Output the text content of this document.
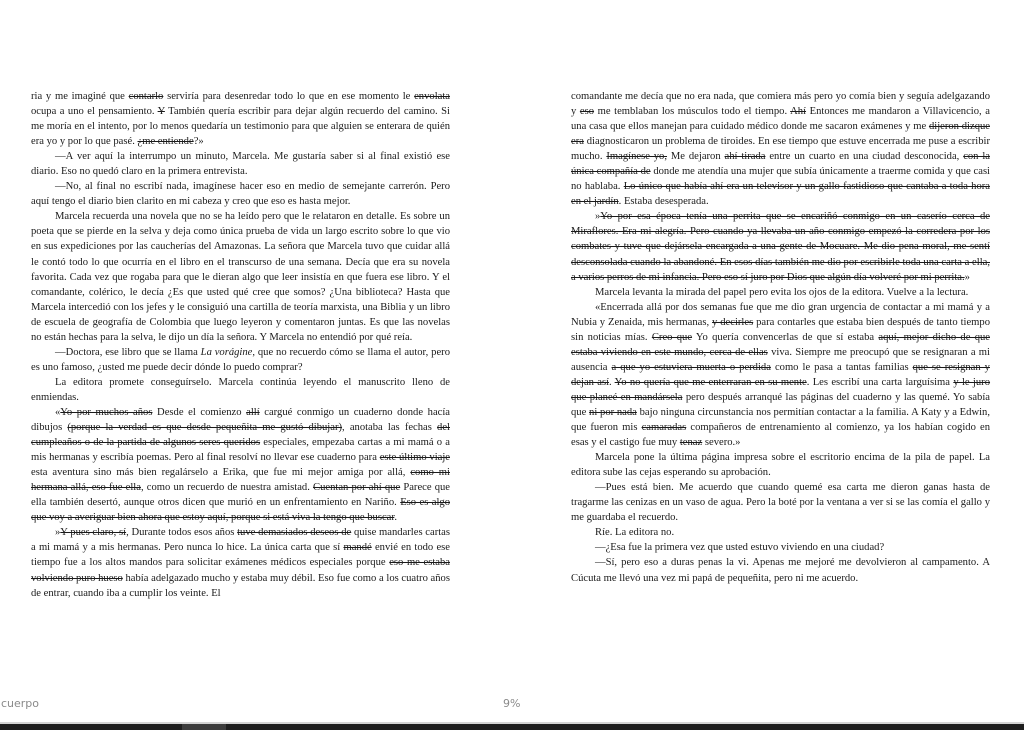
ria y me imaginé que contarlo serviría para desenredar todo lo que en ese momento le envolata ocupa a uno el pensamiento. Y También quería escribir para dejar algún recuerdo del camino. Si me moría en el intento, por lo menos quedaría un testimonio para que alguien se enterara de quién era yo y por lo que pasé. ¿me entiende?»

—A ver aquí la interrumpo un minuto, Marcela. Me gustaría saber si al final existió ese diario. Eso no quedó claro en la primera entrevista.

—No, al final no escribí nada, imagínese hacer eso en medio de semejante carrerón. Pero aquí tengo el diario bien clarito en mi cabeza y creo que eso es hasta mejor.

Marcela recuerda una novela que no se ha leído pero que le relataron en detalle. Es sobre un poeta que se pierde en la selva y deja como única prueba de vida un largo escrito sobre lo que vio en sus expediciones por las caucherías del Amazonas. La señora que Marcela tuvo que cuidar allá le contó todo lo que ocurría en el libro en el transcurso de una semana. Decía que era su novela favorita. Cada vez que rogaba para que le dieran algo que leer insistía en que fuera ese libro. Y el comandante, colérico, le decía ¿Es que usted qué cree que somos? ¿Una biblioteca? Hasta que Marcela intercedió con los jefes y le consiguió una cartilla de teoría marxista, una Biblia y un libro de escuela de geografía de Colombia que luego leyeron y comentaron juntas. Es que las novelas no están hechas para la selva, le dijo un día la señora. Y Marcela no entendió por qué reía.

—Doctora, ese libro que se llama La vorágine, que no recuerdo cómo se llama el autor, pero es uno famoso, ¿usted me puede decir dónde lo puedo comprar?

La editora promete conseguírselo. Marcela continúa leyendo el manuscrito lleno de enmiendas.

«Yo por muchos años Desde el comienzo allí cargué conmigo un cuaderno donde hacía dibujos (porque la verdad es que desde pequeñita me gustó dibujar), anotaba las fechas del cumpleaños o de la partida de algunos seres queridos especiales, empezaba cartas a mi mamá o a mis hermanas y escribía poemas. Pero al final resolví no llevar ese cuaderno para este último viaje esta aventura sino más bien regalárselo a Erika, que fue mi mejor amiga por allá, como mi hermana allá, eso fue ella, como un recuerdo de nuestra amistad. Cuentan por ahí que Parece que ella también desertó, aunque otros dicen que murió en un enfrentamiento en Nariño. Eso es algo que voy a averiguar bien ahora que estoy aquí, porque si está viva la tengo que buscar.

»Y pues claro, sí, Durante todos esos años tuve demasiados deseos de quise mandarles cartas a mi mamá y a mis hermanas. Pero nunca lo hice. La única carta que sí mandé envié en todo ese tiempo fue a los altos mandos para solicitar exámenes médicos especiales porque eso me estaba volviendo puro hueso había adelgazado mucho y estaba muy débil. Eso fue como a los cuatro años de entrar, cuando iba a cumplir los veinte. El

comandante me decía que no era nada, que comiera más pero yo comía bien y seguía adelgazando y eso me temblaban los músculos todo el tiempo. Ahí Entonces me mandaron a Villavicencio, a una casa que ellos manejan para cuidado médico donde me sacaron exámenes y me dijeron dizque era diagnosticaron un problema de tiroides. En ese tiempo que estuve encerrada me puse a escribir mucho. Imagínese yo, Me dejaron ahí tirada entre un cuarto en una ciudad desconocida, con la única compañía de donde me atendía una mujer que subía únicamente a traerme comida y que casi no hablaba. Lo único que había ahí era un televisor y un gallo fastidioso que cantaba a toda hora en el jardín. Estaba desesperada.

»Yo por esa época tenía una perrita que se encariñó conmigo en un caserío cerca de Miraflores. Era mi alegría. Pero cuando ya llevaba un año conmigo empezó la corredera por los combates y tuve que dejársela encargada a una gente de Mocuare. Me dio pena moral, me sentí desconsolada cuando la abandoné. En esos días también me dio por escribirle toda una carta a ella, a varios perros de mi infancia. Pero eso sí juro por Dios que algún día volveré por mi perrita.»

Marcela levanta la mirada del papel pero evita los ojos de la editora. Vuelve a la lectura.

«Encerrada allá por dos semanas fue que me dio gran urgencia de contactar a mi mamá y a Nubia y Zenaida, mis hermanas, y decirles para contarles que estaba bien después de tanto tiempo sin noticias mías. Creo que Yo quería convencerlas de que sí estaba aquí, mejor dicho de que estaba viviendo en este mundo, cerca de ellas viva. Siempre me preocupó que se resignaran a mi ausencia a que yo estuviera muerta o perdida como le pasa a tantas familias que se resignan y dejan así. Yo no quería que me enterraran en su mente. Les escribí una carta larguísima y le juro que planeé en mandársela pero después arranqué las páginas del cuaderno y las quemé. Yo sabía que ni por nada bajo ninguna circunstancia nos permitían contactar a la familia. A Katy y a Edwin, que fueron mis camaradas compañeros de entrenamiento al comienzo, ya los habían cogido en esas y el castigo fue muy tenaz severo.»

Marcela pone la última página impresa sobre el escritorio encima de la pila de papel. La editora sube las cejas esperando su aprobación.

—Pues está bien. Me acuerdo que cuando quemé esa carta me dieron ganas hasta de tragarme las cenizas en un vaso de agua. Pero la boté por la ventana a ver si se las comía el gallo y me guardaba el recuerdo.

Ríe. La editora no.

—¿Esa fue la primera vez que usted estuvo viviendo en una ciudad?

—Sí, pero eso a duras penas la vi. Apenas me mejoré me devolvieron al campamento. A Cúcuta me llevó una vez mi papá de pequeñita, pero ni me acuerdo.

cuerpo	9%
